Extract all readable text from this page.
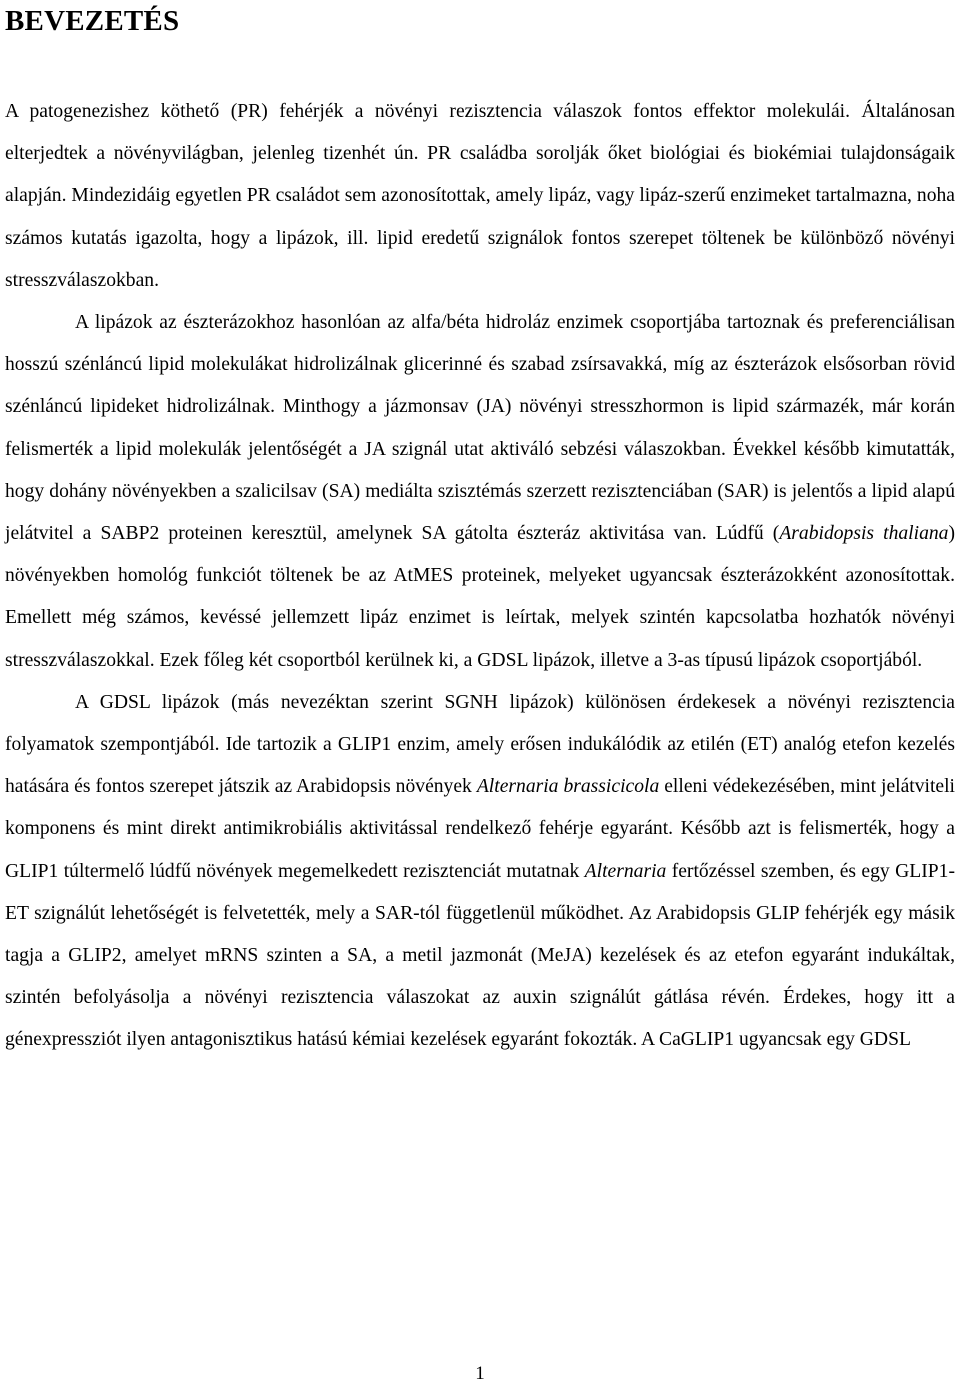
BEVEZETÉS

A patogenezishez köthető (PR) fehérjék a növényi rezisztencia válaszok fontos effektor molekulái. Általánosan elterjedtek a növényvilágban, jelenleg tizenhét ún. PR családba sorolják őket biológiai és biokémiai tulajdonságaik alapján. Mindezidáig egyetlen PR családot sem azonosítottak, amely lipáz, vagy lipáz-szerű enzimeket tartalmazna, noha számos kutatás igazolta, hogy a lipázok, ill. lipid eredetű szignálok fontos szerepet töltenek be különböző növényi stresszválaszokban.

A lipázok az észterázokhoz hasonlóan az alfa/béta hidroláz enzimek csoportjába tartoznak és preferenciálisan hosszú szénláncú lipid molekulákat hidrolizálnak glicerinné és szabad zsírsavakká, míg az észterázok elsősorban rövid szénláncú lipideket hidrolizálnak. Minthogy a jázmonsav (JA) növényi stresszhormon is lipid származék, már korán felismerték a lipid molekulák jelentőségét a JA szignál utat aktiváló sebzési válaszokban. Évekkel később kimutatták, hogy dohány növényekben a szalicilsav (SA) mediálta szisztémás szerzett rezisztenciában (SAR) is jelentős a lipid alapú jelátvitel a SABP2 proteinen keresztül, amelynek SA gátolta észteráz aktivitása van. Lúdfű (Arabidopsis thaliana) növényekben homológ funkciót töltenek be az AtMES proteinek, melyeket ugyancsak észterázokként azonosítottak. Emellett még számos, kevéssé jellemzett lipáz enzimet is leírtak, melyek szintén kapcsolatba hozhatók növényi stresszválaszokkal. Ezek főleg két csoportból kerülnek ki, a GDSL lipázok, illetve a 3-as típusú lipázok csoportjából.

A GDSL lipázok (más nevezéktan szerint SGNH lipázok) különösen érdekesek a növényi rezisztencia folyamatok szempontjából. Ide tartozik a GLIP1 enzim, amely erősen indukálódik az etilén (ET) analóg etefon kezelés hatására és fontos szerepet játszik az Arabidopsis növények Alternaria brassicicola elleni védekezésében, mint jelátviteli komponens és mint direkt antimikrobiális aktivitással rendelkező fehérje egyaránt. Később azt is felismerték, hogy a GLIP1 túltermelő lúdfű növények megemelkedett rezisztenciát mutatnak Alternaria fertőzéssel szemben, és egy GLIP1-ET szignálút lehetőségét is felvetették, mely a SAR-tól függetlenül működhet. Az Arabidopsis GLIP fehérjék egy másik tagja a GLIP2, amelyet mRNS szinten a SA, a metil jazmonát (MeJA) kezelések és az etefon egyaránt indukáltak, szintén befolyásolja a növényi rezisztencia válaszokat az auxin szignálút gátlása révén. Érdekes, hogy itt a génexpressziót ilyen antagonisztikus hatású kémiai kezelések egyaránt fokozták. A CaGLIP1 ugyancsak egy GDSL

1
